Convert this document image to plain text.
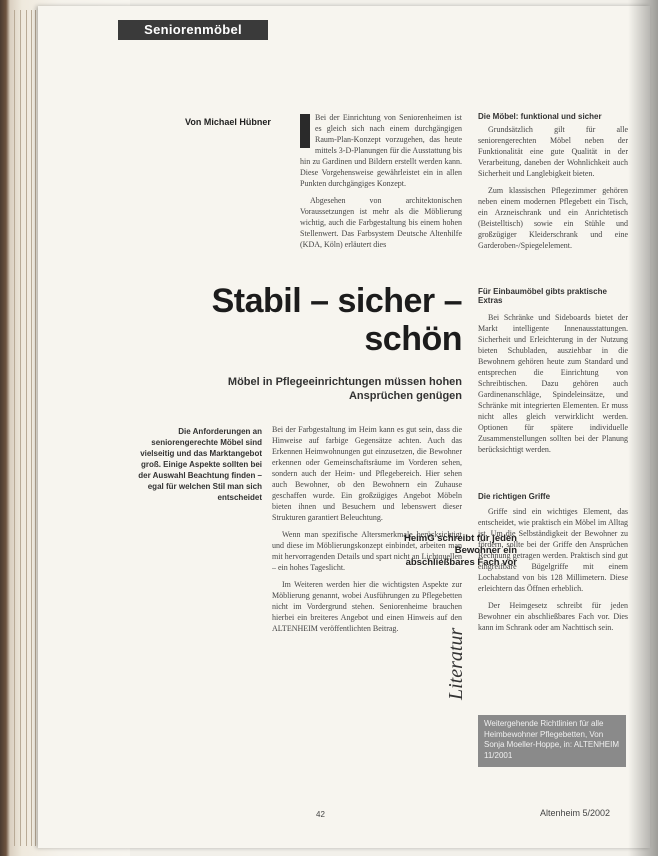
Seniorenmöbel
Von Michael Hübner	Bei der Einrichtung von Seniorenheimen ist es gleich sich nach einem durchgängigen Raum-Plan-Konzept vorzugehen, das heute mittels 3-D-Planungen für die Ausstattung bis hin zu Gardinen und Bildern erstellt werden kann. Diese Vorgehensweise gewährleistet ein in allen Punkten durchgängiges Konzept.

Abgesehen von architektonischen Voraussetzungen ist mehr als die Möblierung wichtig, auch die Farbgestaltung bis einem hohen Stellenwert. Das Farbsystem Deutsche Altenhilfe (KDA, Köln) erläutert dies

Stabil – sicher –
schön
Möbel in Pflegeeinrichtungen müssen hohen Ansprüchen genügen
Die Anforderungen an seniorengerechte Möbel sind vielseitig und das Marktangebot groß. Einige Aspekte sollten bei der Auswahl Beachtung finden – egal für welchen Stil man sich entscheidet

Bei der Farbgestaltung im Heim kann es gut sein, dass die Hinweise auf farbige Gegensätze achten. Auch das Erkennen Heimwohnungen gut einzusetzen, die Bewohner erkennen oder Gemeinschaftsräume im Vorderen sehen, sondern auch der Heim- und Pflegebereich. Hier sehen auch Bewohner, ob den Bewohnern ein Zuhause geschaffen wurde. Ein großzügiges Angebot Möbeln bieten ihnen und Besuchern und lebenswert dieser Strukturen garantiert Beleuchtung.

Wenn man spezifische Altersmerkmale berücksichtigt und diese im Möblierungskonzept einbindet, arbeiten man mit hervorragenden Details und spart nicht an Lichtquellen – ein hohes Tageslicht.

Im Weiteren werden hier die wichtigsten Aspekte zur Möblierung genannt, wobei Ausführungen zu Pflegebetten nicht im Vordergrund stehen. Seniorenheime brauchen hierbei ein breiteres Angebot und einen Hinweis auf den ALTENHEIM veröffentlichten Beitrag.

HeimG schreibt für jeden Bewohner ein abschließbares Fach vor
Die Möbel: funktional und sicher

Grundsätzlich gilt für alle seniorengerechten Möbel neben der Funktionalität eine gute Qualität in der Verarbeitung, daneben der Wohnlichkeit auch Sicherheit und Langlebigkeit bieten.

Zum klassischen Pflegezimmer gehören neben einem modernen Pflegebett ein Tisch, ein Arzneischrank und ein Anrichtetisch (Beistelltisch) sowie ein Stühle und großzügiger Kleiderschrank und eine Garderoben-/Spiegelelement.

Für Einbaumöbel gibts praktische Extras

Bei Schränke und Sideboards bietet der Markt intelligente Innenausstattungen. Sicherheit und Erleichterung in der Nutzung bieten Schubladen, ausziehbar in die Bewohnern gehören heute zum Standard und entsprechen die Einrichtung von Schreibtischen. Dazu gehören auch Gardinenanschläge, Spindeleinsätze, und Schränke mit integrierten Elementen. Er muss nicht alles gleich verwirklicht werden. Optionen für spätere individuelle Zusammenstellungen sollten bei der Planung berücksichtigt werden.

Die richtigen Griffe

Griffe sind ein wichtiges Element, das entscheidet, wie praktisch ein Möbel im Alltag ist. Um die Selbständigkeit der Bewohner zu fördern, sollte bei der Griffe den Ansprüchen Rechnung getragen werden. Praktisch sind gut eingreifbare Bügelgriffe mit einem Lochabstand von bis 128 Millimetern. Diese erleichtern das Öffnen erheblich.

Der Heimgesetz schreibt für jeden Bewohner ein abschließbares Fach vor. Dies kann im Schrank oder am Nachttisch sein.

Literatur
Weitergehende Richtlinien für alle Heimbewohner Pflegebetten, Von Sonja Moeller-Hoppe, in: ALTENHEIM 11/2001
42	Altenheim 5/2002
